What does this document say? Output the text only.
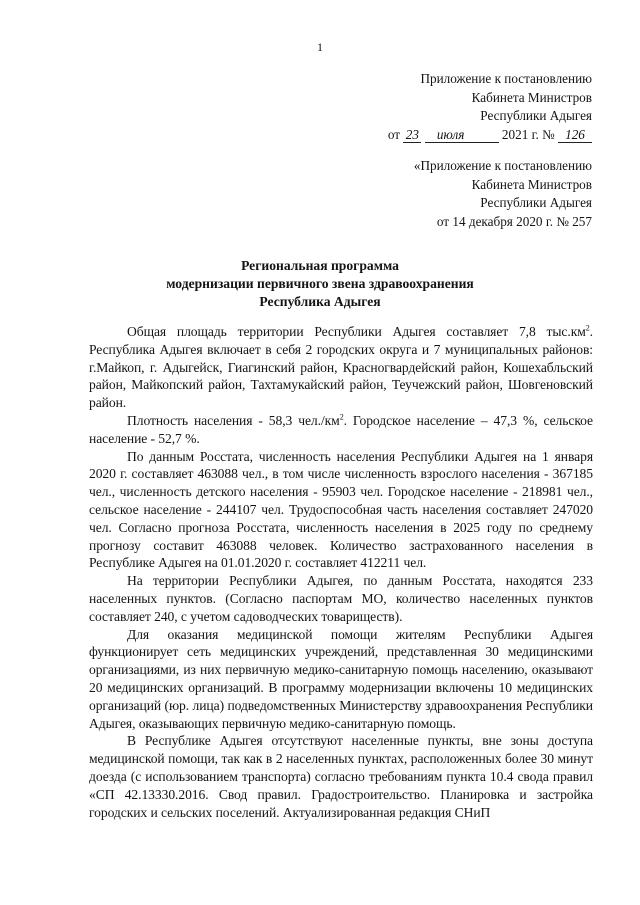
1
Приложение к постановлению
Кабинета Министров
Республики Адыгея
от 23 июля	2021 г. № 126
«Приложение к постановлению
Кабинета Министров
Республики Адыгея
от 14 декабря 2020 г. № 257
Региональная программа
модернизации первичного звена здравоохранения
Республика Адыгея

Общая площадь территории Республики Адыгея составляет 7,8 $тыс.км^2$. Республика Адыгея включает в себя 2 городских округа и 7 муниципальных районов: г.Майкоп, г. Адыгейск, Гиагинский район, Красногвардейский район, Кошехабльский район, Майкопский район, Тахтамукайский район, Теучежский район, Шовгеновский район.

Плотность населения - 58,3 $чел./км^2$. Городское население – 47,3 %, сельское население - 52,7 %.

По данным Росстата, численность населения Республики Адыгея на 1 января 2020 г. составляет 463088 чел., в том числе численность взрослого населения - 367185 чел., численность детского населения - 95903 чел. Городское население - 218981 чел., сельское население - 244107 чел. Трудоспособная часть населения составляет 247020 чел. Согласно прогноза Росстата, численность населения в 2025 году по среднему прогнозу составит 463088 человек. Количество застрахованного населения в Республике Адыгея на 01.01.2020 г. составляет 412211 чел.

На территории Республики Адыгея, по данным Росстата, находятся 233 населенных пунктов. (Согласно паспортам МО, количество населенных пунктов составляет 240, с учетом садоводческих товариществ).

Для оказания медицинской помощи жителям Республики Адыгея функционирует сеть медицинских учреждений, представленная 30 медицинскими организациями, из них первичную медико-санитарную помощь населению, оказывают 20 медицинских организаций. В программу модернизации включены 10 медицинских организаций (юр. лица) подведомственных Министерству здравоохранения Республики Адыгея, оказывающих первичную медико-санитарную помощь.

В Республике Адыгея отсутствуют населенные пункты, вне зоны доступа медицинской помощи, так как в 2 населенных пунктах, расположенных более 30 минут доезда (с использованием транспорта) согласно требованиям пункта 10.4 свода правил «СП 42.13330.2016. Свод правил. Градостроительство. Планировка и застройка городских и сельских поселений. Актуализированная редакция СНиП
